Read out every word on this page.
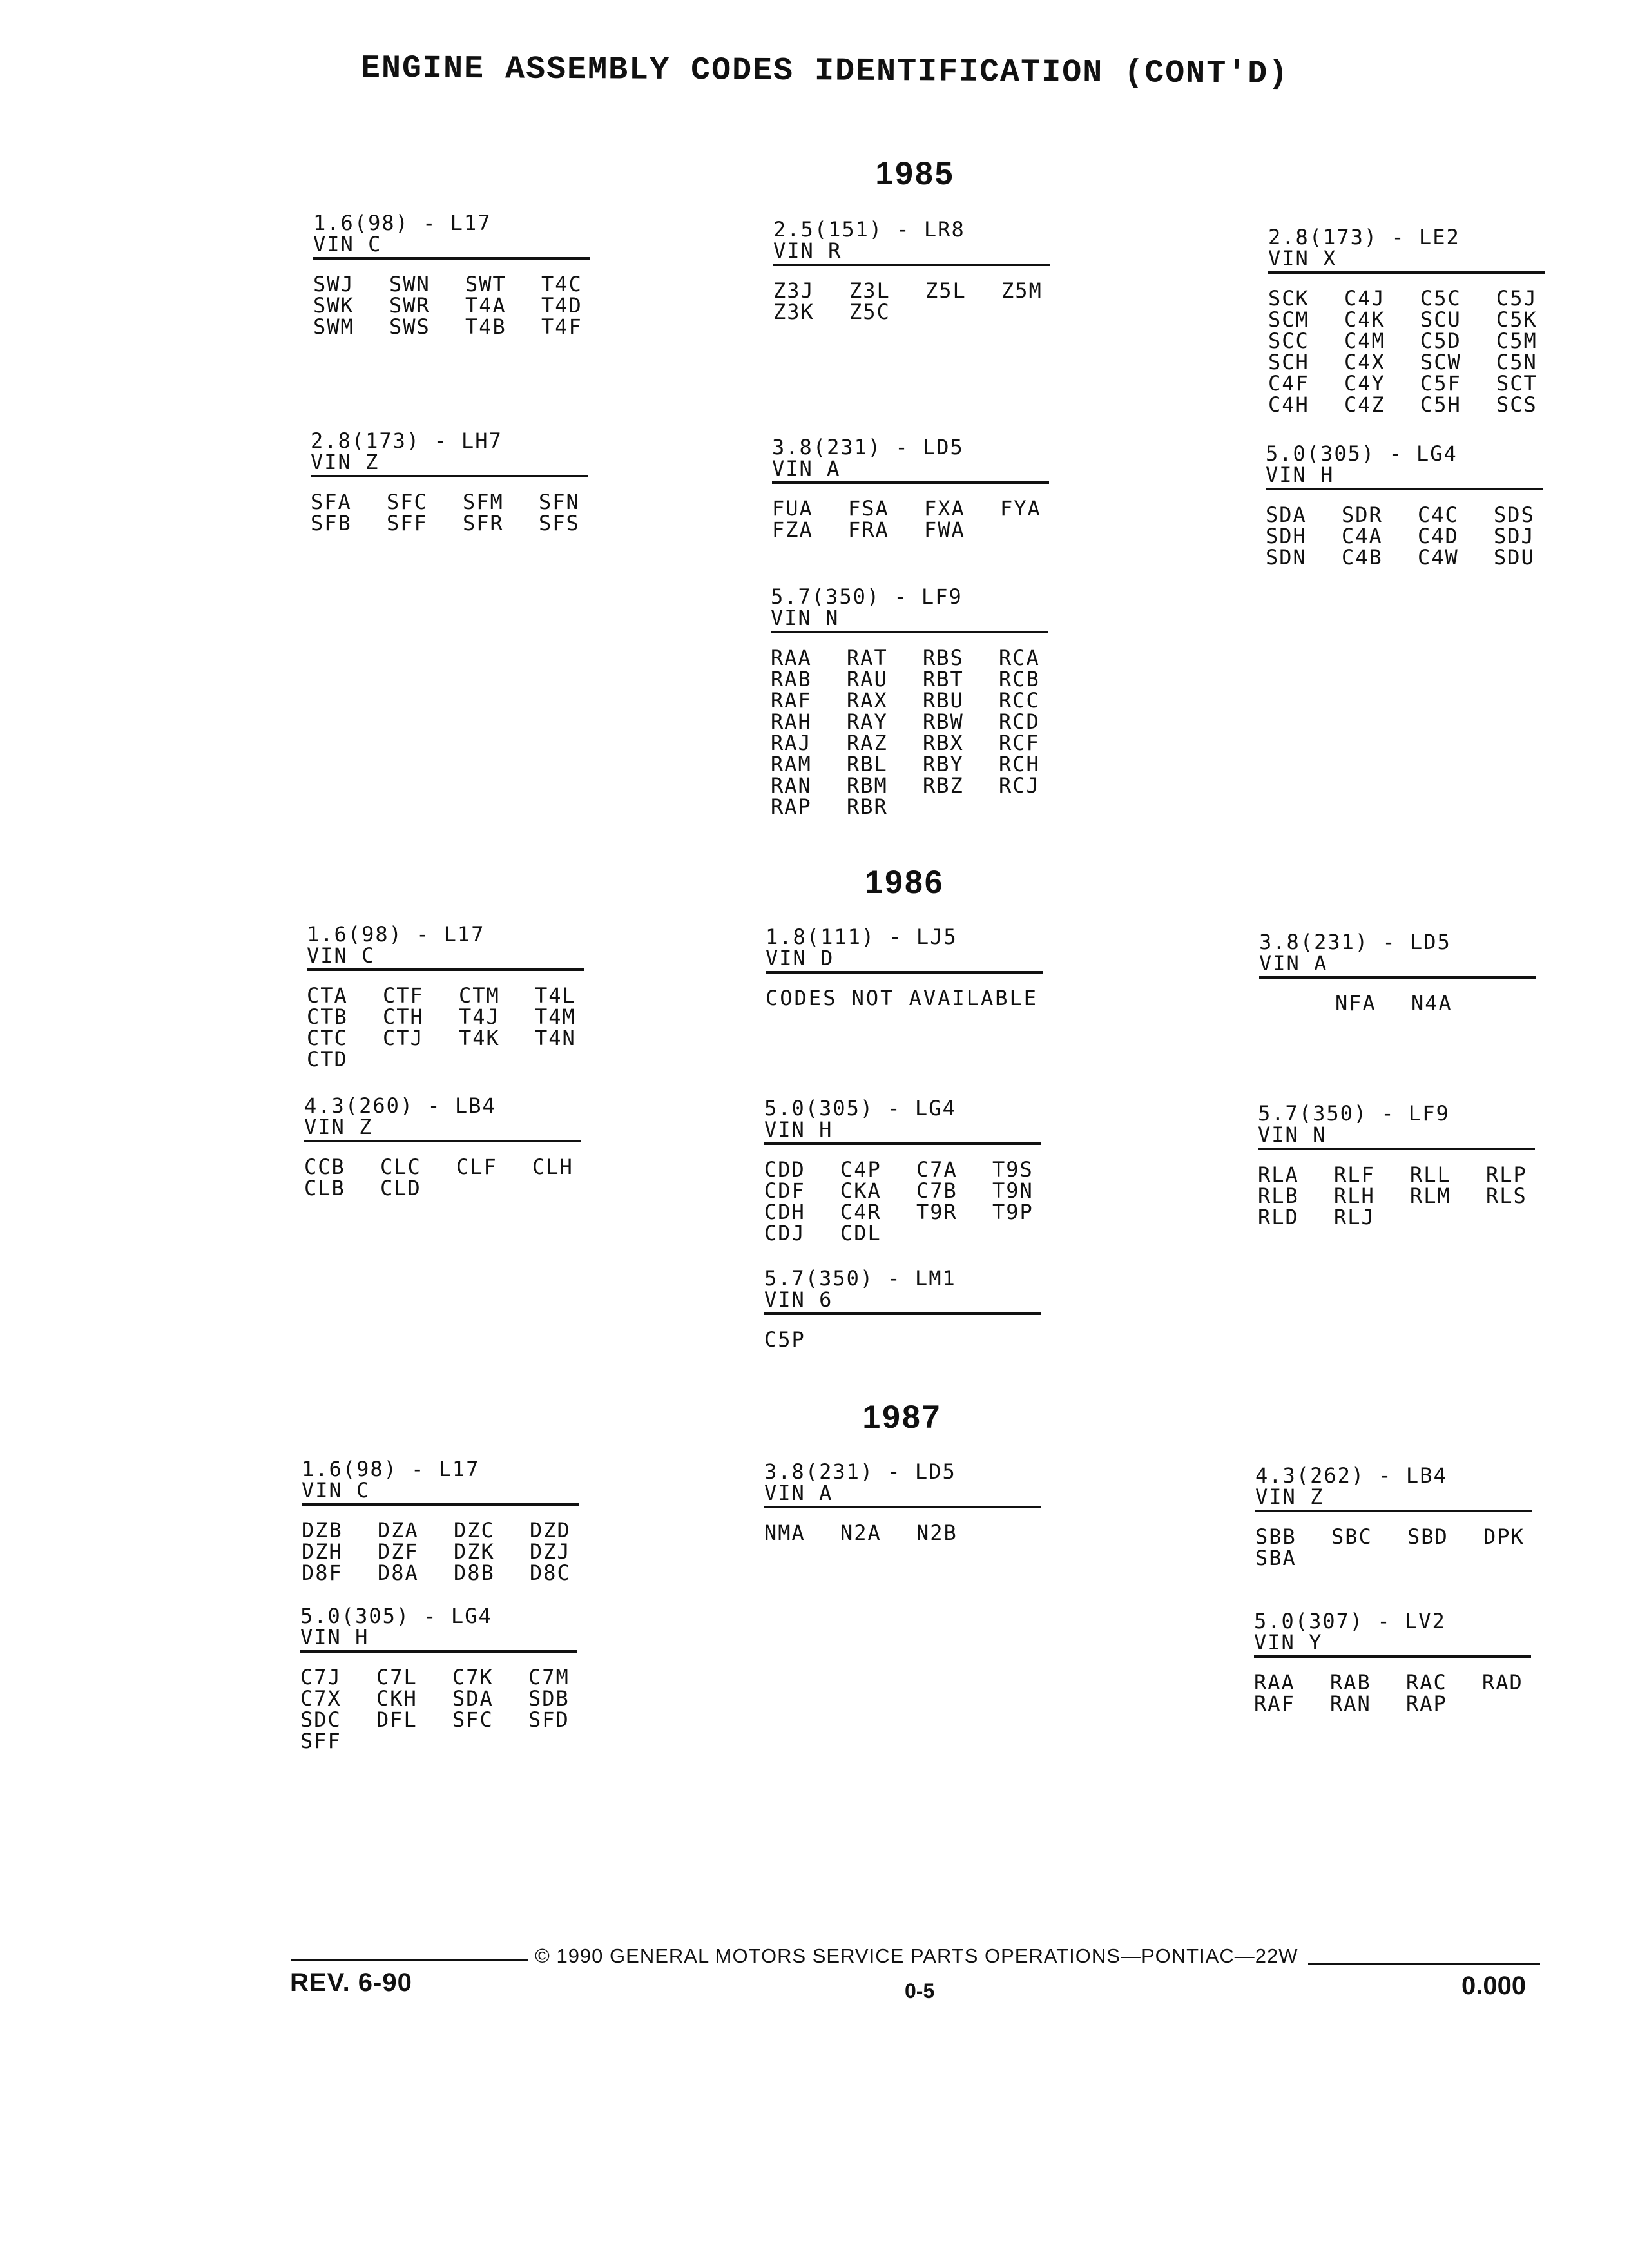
ENGINE ASSEMBLY CODES IDENTIFICATION (CONT'D)
1985
1.6(98) - L17
VIN C
SWJ	SWN	SWT	T4C
SWK	SWR	T4A	T4D
SWM	SWS	T4B	T4F
2.8(173) - LH7
VIN Z
SFA	SFC	SFM	SFN
SFB	SFF	SFR	SFS
2.5(151) - LR8
VIN R
Z3J	Z3L	Z5L	Z5M
Z3K	Z5C
3.8(231) - LD5
VIN A
FUA	FSA	FXA	FYA
FZA	FRA	FWA
5.7(350) - LF9
VIN N
RAA	RAT	RBS	RCA
RAB	RAU	RBT	RCB
RAF	RAX	RBU	RCC
RAH	RAY	RBW	RCD
RAJ	RAZ	RBX	RCF
RAM	RBL	RBY	RCH
RAN	RBM	RBZ	RCJ
RAP	RBR
2.8(173) - LE2
VIN X
SCK	C4J	C5C	C5J
SCM	C4K	SCU	C5K
SCC	C4M	C5D	C5M
SCH	C4X	SCW	C5N
C4F	C4Y	C5F	SCT
C4H	C4Z	C5H	SCS
5.0(305) - LG4
VIN H
SDA	SDR	C4C	SDS
SDH	C4A	C4D	SDJ
SDN	C4B	C4W	SDU
1986
1.6(98) - L17
VIN C
CTA	CTF	CTM	T4L
CTB	CTH	T4J	T4M
CTC	CTJ	T4K	T4N
CTD
4.3(260) - LB4
VIN Z
CCB	CLC	CLF	CLH
CLB	CLD
1.8(111) - LJ5
VIN D
CODES NOT AVAILABLE
5.0(305) - LG4
VIN H
CDD	C4P	C7A	T9S
CDF	CKA	C7B	T9N
CDH	C4R	T9R	T9P
CDJ	CDL
5.7(350) - LM1
VIN 6
C5P
3.8(231) - LD5
VIN A
NFA	N4A
5.7(350) - LF9
VIN N
RLA	RLF	RLL	RLP
RLB	RLH	RLM	RLS
RLD	RLJ
1987
1.6(98) - L17
VIN C
DZB	DZA	DZC	DZD
DZH	DZF	DZK	DZJ
D8F	D8A	D8B	D8C
5.0(305) - LG4
VIN H
C7J	C7L	C7K	C7M
C7X	CKH	SDA	SDB
SDC	DFL	SFC	SFD
SFF
3.8(231) - LD5
VIN A
NMA	N2A	N2B
4.3(262) - LB4
VIN Z
SBB	SBC	SBD	DPK
SBA
5.0(307) - LV2
VIN Y
RAA	RAB	RAC	RAD
RAF	RAN	RAP
© 1990 GENERAL MOTORS SERVICE PARTS OPERATIONS—PONTIAC—22W
REV. 6-90	0-5	0.000
